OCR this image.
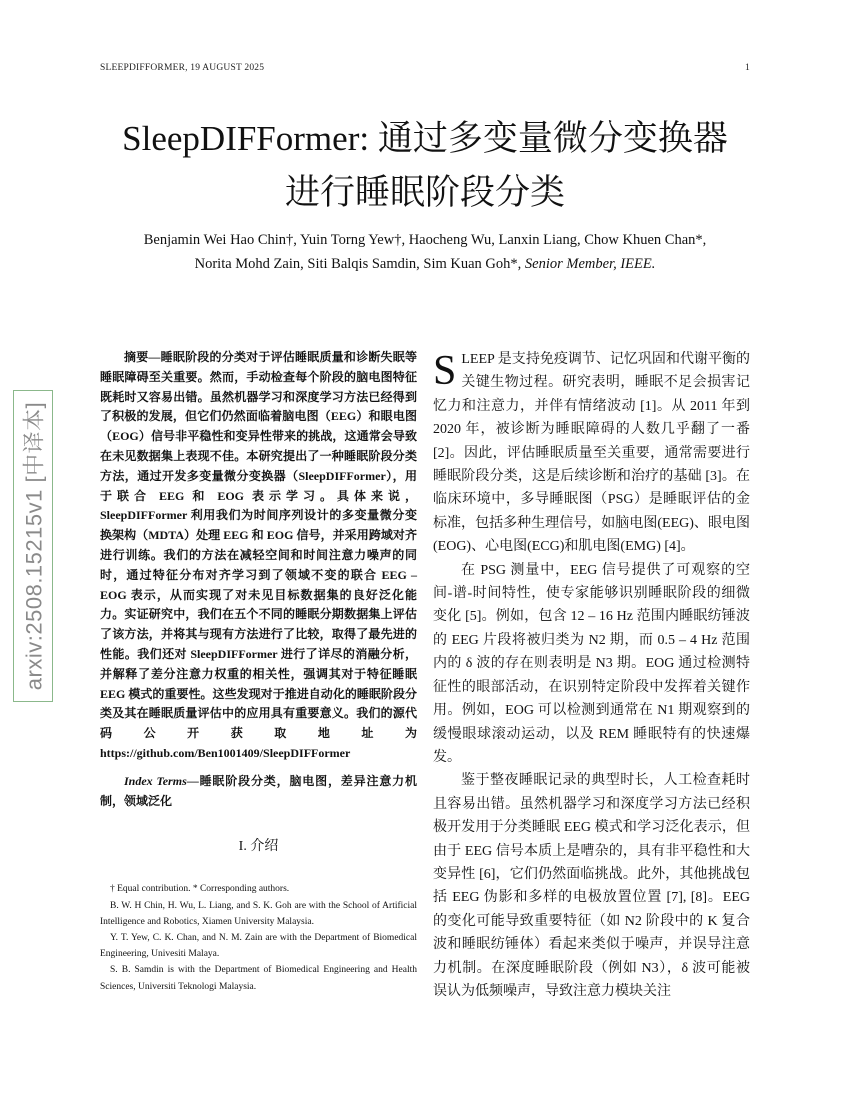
SLEEPDIFFORMER, 19 AUGUST 2025	1
SleepDIFFormer: 通过多变量微分变换器
进行睡眠阶段分类
Benjamin Wei Hao Chin†, Yuin Torng Yew†, Haocheng Wu, Lanxin Liang, Chow Khuen Chan*,
Norita Mohd Zain, Siti Balqis Samdin, Sim Kuan Goh*, Senior Member, IEEE.
arxiv:2508.15215v1 [中译本]

摘要—睡眠阶段的分类对于评估睡眠质量和诊断失眠等睡眠障碍至关重要。然而，手动检查每个阶段的脑电图特征既耗时又容易出错。虽然机器学习和深度学习方法已经得到了积极的发展，但它们仍然面临着脑电图（EEG）和眼电图（EOG）信号非平稳性和变异性带来的挑战，这通常会导致在未见数据集上表现不佳。本研究提出了一种睡眠阶段分类方法，通过开发多变量微分变换器（SleepDIFFormer），用于联合 EEG 和 EOG 表示学习。具体来说，SleepDIFFormer 利用我们为时间序列设计的多变量微分变换架构（MDTA）处理 EEG 和 EOG 信号，并采用跨域对齐进行训练。我们的方法在减轻空间和时间注意力噪声的同时，通过特征分布对齐学习到了领域不变的联合 EEG – EOG 表示，从而实现了对未见目标数据集的良好泛化能力。实证研究中，我们在五个不同的睡眠分期数据集上评估了该方法，并将其与现有方法进行了比较，取得了最先进的性能。我们还对 SleepDIFFormer 进行了详尽的消融分析，并解释了差分注意力权重的相关性，强调其对于特征睡眠 EEG 模式的重要性。这些发现对于推进自动化的睡眠阶段分类及其在睡眠质量评估中的应用具有重要意义。我们的源代码公开获取地址为 https://github.com/Ben1001409/SleepDIFFormer

Index Terms—睡眠阶段分类，脑电图，差异注意力机制，领域泛化

I. 介绍

† Equal contribution. * Corresponding authors.

B. W. H Chin, H. Wu, L. Liang, and S. K. Goh are with the School of Artificial Intelligence and Robotics, Xiamen University Malaysia.

Y. T. Yew, C. K. Chan, and N. M. Zain are with the Department of Biomedical Engineering, Univesiti Malaya.

S. B. Samdin is with the Department of Biomedical Engineering and Health Sciences, Universiti Teknologi Malaysia.

SLEEP 是支持免疫调节、记忆巩固和代谢平衡的关键生物过程。研究表明，睡眠不足会损害记忆力和注意力，并伴有情绪波动 [1]。从 2011 年到 2020 年，被诊断为睡眠障碍的人数几乎翻了一番 [2]。因此，评估睡眠质量至关重要，通常需要进行睡眠阶段分类，这是后续诊断和治疗的基础 [3]。在临床环境中，多导睡眠图（PSG）是睡眠评估的金标准，包括多种生理信号，如脑电图(EEG)、眼电图(EOG)、心电图(ECG)和肌电图(EMG) [4]。

在 PSG 测量中，EEG 信号提供了可观察的空间-谱-时间特性，使专家能够识别睡眠阶段的细微变化 [5]。例如，包含 12 – 16 Hz 范围内睡眠纺锤波的 EEG 片段将被归类为 N2 期，而 0.5 – 4 Hz 范围内的 δ 波的存在则表明是 N3 期。EOG 通过检测特征性的眼部活动，在识别特定阶段中发挥着关键作用。例如，EOG 可以检测到通常在 N1 期观察到的缓慢眼球滚动运动，以及 REM 睡眠特有的快速爆发。

鉴于整夜睡眠记录的典型时长，人工检查耗时且容易出错。虽然机器学习和深度学习方法已经积极开发用于分类睡眠 EEG 模式和学习泛化表示，但由于 EEG 信号本质上是嘈杂的，具有非平稳性和大变异性 [6]，它们仍然面临挑战。此外，其他挑战包括 EEG 伪影和多样的电极放置位置 [7], [8]。EEG 的变化可能导致重要特征（如 N2 阶段中的 K 复合波和睡眠纺锤体）看起来类似于噪声，并误导注意力机制。在深度睡眠阶段（例如 N3），δ 波可能被误认为低频噪声，导致注意力模块关注
